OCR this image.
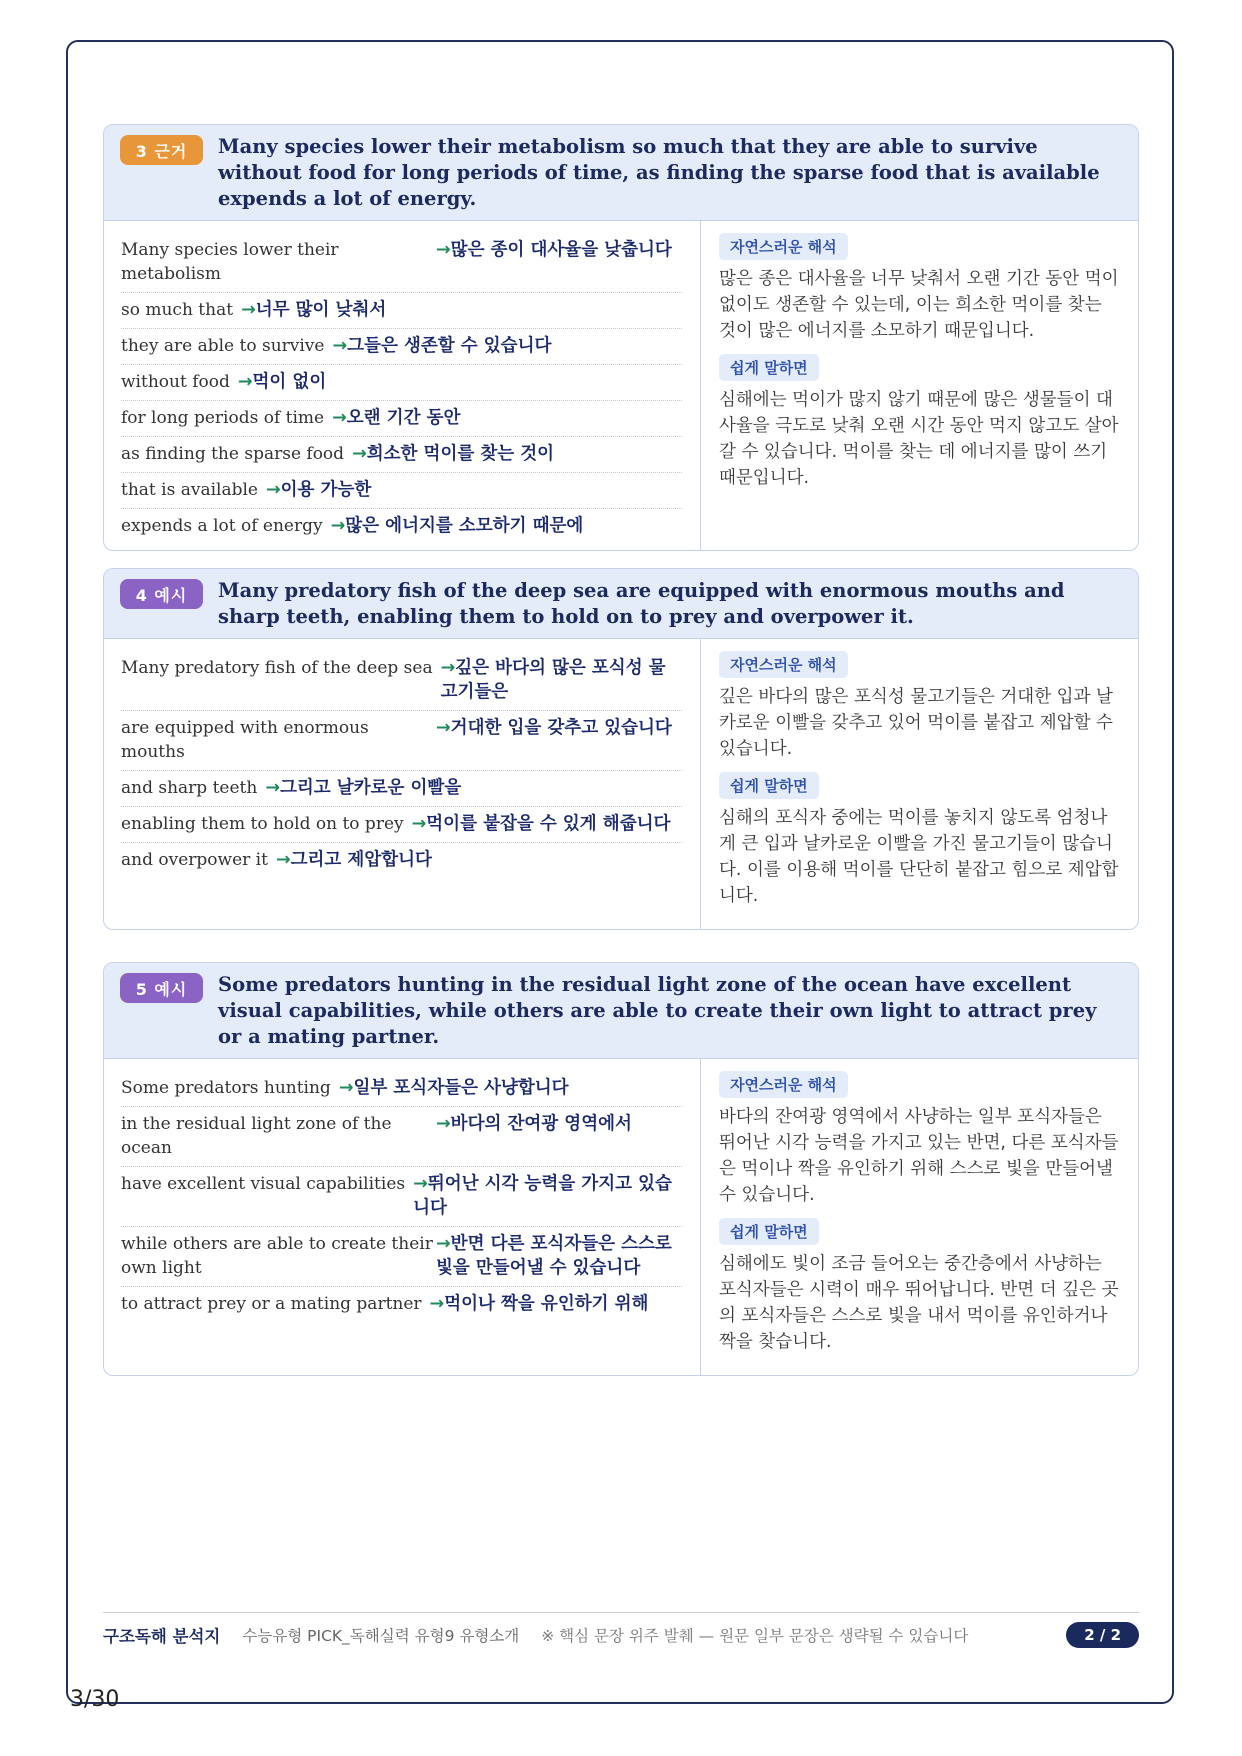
3 근거	Many species lower their metabolism so much that they are able to survive without food for long periods of time, as finding the sparse food that is available expends a lot of energy.
Many species lower their metabolism
→많은 종이 대사율을 낮춥니다
so much that →너무 많이 낮춰서
they are able to survive →그들은 생존할 수 있습니다
without food →먹이 없이
for long periods of time →오랜 기간 동안
as finding the sparse food →희소한 먹이를 찾는 것이
that is available →이용 가능한
expends a lot of energy →많은 에너지를 소모하기 때문에
자연스러운 해석

많은 종은 대사율을 너무 낮춰서 오랜 기간 동안 먹이 없이도 생존할 수 있는데, 이는 희소한 먹이를 찾는 것이 많은 에너지를 소모하기 때문입니다.

쉽게 말하면

심해에는 먹이가 많지 않기 때문에 많은 생물들이 대사율을 극도로 낮춰 오랜 시간 동안 먹지 않고도 살아갈 수 있습니다. 먹이를 찾는 데 에너지를 많이 쓰기 때문입니다.

4 예시	Many predatory fish of the deep sea are equipped with enormous mouths and sharp teeth, enabling them to hold on to prey and overpower it.
Many predatory fish of the deep sea →깊은 바다의 많은 포식성 물고기들은
are equipped with enormous mouths
→거대한 입을 갖추고 있습니다
and sharp teeth →그리고 날카로운 이빨을
enabling them to hold on to prey →먹이를 붙잡을 수 있게 해줍니다
and overpower it →그리고 제압합니다
자연스러운 해석

깊은 바다의 많은 포식성 물고기들은 거대한 입과 날카로운 이빨을 갖추고 있어 먹이를 붙잡고 제압할 수 있습니다.

쉽게 말하면

심해의 포식자 중에는 먹이를 놓치지 않도록 엄청나게 큰 입과 날카로운 이빨을 가진 물고기들이 많습니다. 이를 이용해 먹이를 단단히 붙잡고 힘으로 제압합니다.

5 예시	Some predators hunting in the residual light zone of the ocean have excellent visual capabilities, while others are able to create their own light to attract prey or a mating partner.
Some predators hunting →일부 포식자들은 사냥합니다
in the residual light zone of the ocean
→바다의 잔여광 영역에서
have excellent visual capabilities →뛰어난 시각 능력을 가지고 있습니다
while others are able to create their own light
→반면 다른 포식자들은 스스로 빛을 만들어낼 수 있습니다
to attract prey or a mating partner →먹이나 짝을 유인하기 위해
자연스러운 해석

바다의 잔여광 영역에서 사냥하는 일부 포식자들은 뛰어난 시각 능력을 가지고 있는 반면, 다른 포식자들은 먹이나 짝을 유인하기 위해 스스로 빛을 만들어낼 수 있습니다.

쉽게 말하면

심해에도 빛이 조금 들어오는 중간층에서 사냥하는 포식자들은 시력이 매우 뛰어납니다. 반면 더 깊은 곳의 포식자들은 스스로 빛을 내서 먹이를 유인하거나 짝을 찾습니다.

구조독해 분석지 수능유형 PICK_독해실력 유형9 유형소개 ※ 핵심 문장 위주 발췌 — 원문 일부 문장은 생략될 수 있습니다	2 / 2
3/30
